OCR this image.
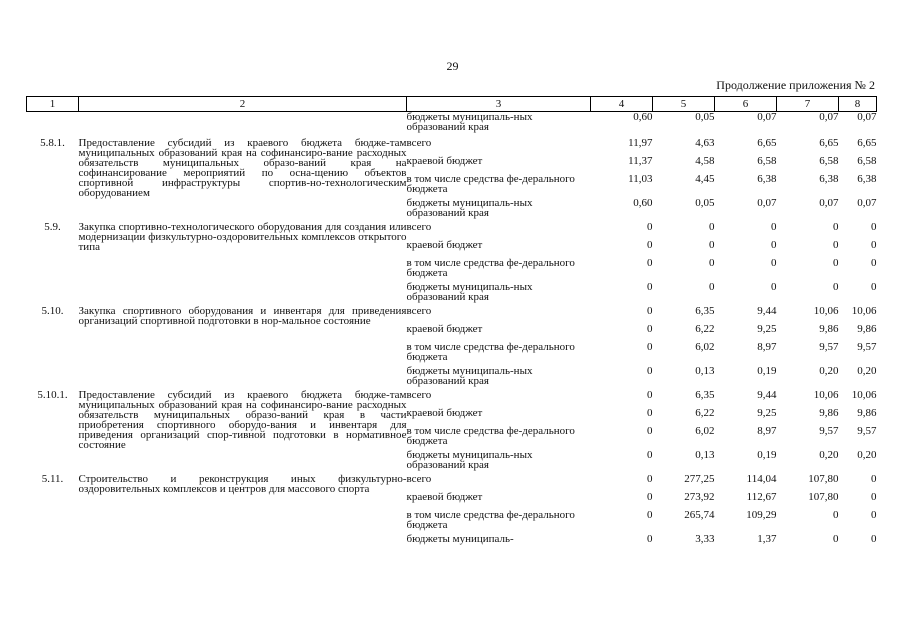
29
Продолжение приложения № 2
1	2	3	4	5	6	7	8
		бюджеты муниципаль-ных образований края	0,60	0,05	0,07	0,07	0,07
5.8.1.	Предоставление субсидий из краевого бюджета бюдже-там муниципальных образований края на софинансиро-вание расходных обязательств муниципальных образо-ваний края на софинансирование мероприятий по осна-щению объектов спортивной инфраструктуры спортив-но-технологическим оборудованием	всего	11,97	4,63	6,65	6,65	6,65
		краевой бюджет	11,37	4,58	6,58	6,58	6,58
		в том числе средства фе-дерального бюджета	11,03	4,45	6,38	6,38	6,38
		бюджеты муниципаль-ных образований края	0,60	0,05	0,07	0,07	0,07
5.9.	Закупка спортивно-технологического оборудования для создания или модернизации физкультурно-оздоровительных комплексов открытого типа	всего	0	0	0	0	0
		краевой бюджет	0	0	0	0	0
		в том числе средства фе-дерального бюджета	0	0	0	0	0
		бюджеты муниципаль-ных образований края	0	0	0	0	0
5.10.	Закупка спортивного оборудования и инвентаря для приведения организаций спортивной подготовки в нор-мальное состояние	всего	0	6,35	9,44	10,06	10,06
		краевой бюджет	0	6,22	9,25	9,86	9,86
		в том числе средства фе-дерального бюджета	0	6,02	8,97	9,57	9,57
		бюджеты муниципаль-ных образований края	0	0,13	0,19	0,20	0,20
5.10.1.	Предоставление субсидий из краевого бюджета бюдже-там муниципальных образований края на софинансиро-вание расходных обязательств муниципальных образо-ваний края в части приобретения спортивного оборудо-вания и инвентаря для приведения организаций спор-тивной подготовки в нормативное состояние	всего	0	6,35	9,44	10,06	10,06
		краевой бюджет	0	6,22	9,25	9,86	9,86
		в том числе средства фе-дерального бюджета	0	6,02	8,97	9,57	9,57
		бюджеты муниципаль-ных образований края	0	0,13	0,19	0,20	0,20
5.11.	Строительство и реконструкция иных физкультурно-оздоровительных комплексов и центров для массового спорта	всего	0	277,25	114,04	107,80	0
		краевой бюджет	0	273,92	112,67	107,80	0
		в том числе средства фе-дерального бюджета	0	265,74	109,29	0	0
		бюджеты муниципаль-	0	3,33	1,37	0	0
